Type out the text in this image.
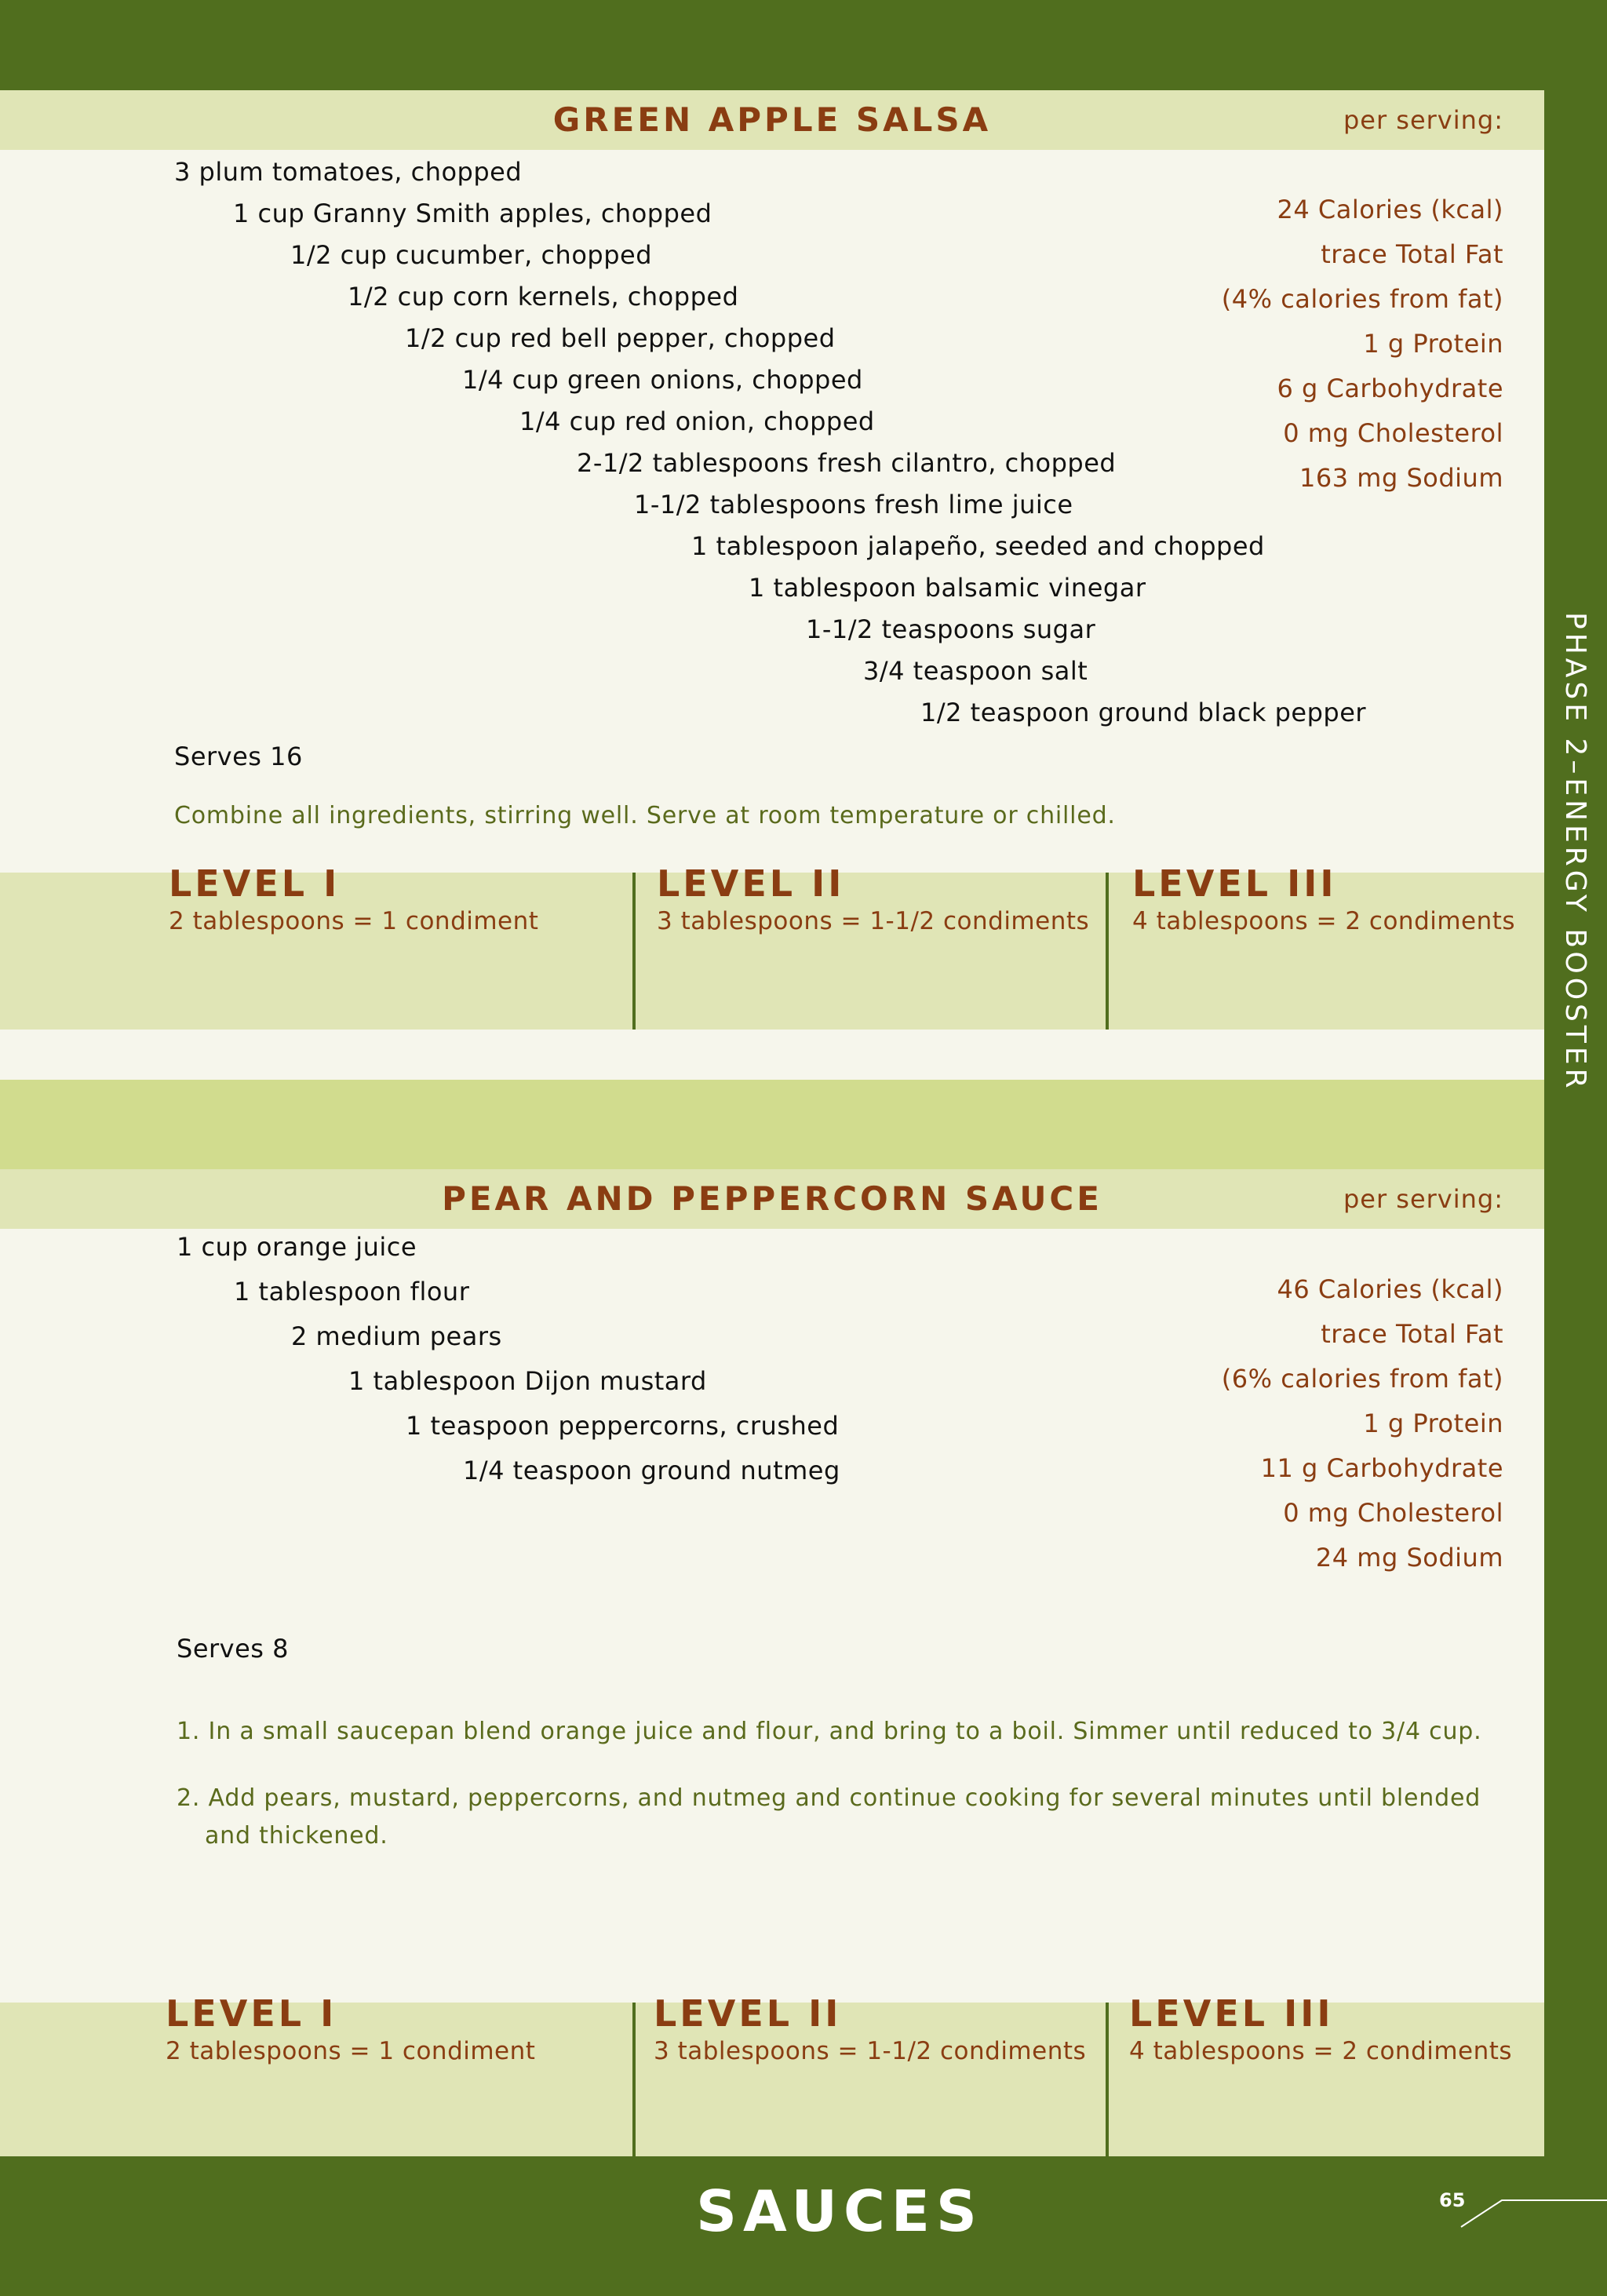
PHASE 2–ENERGY BOOSTER
GREEN APPLE SALSA	per serving:
3 plum tomatoes, chopped
1 cup Granny Smith apples, chopped
1/2 cup cucumber, chopped
1/2 cup corn kernels, chopped
1/2 cup red bell pepper, chopped
1/4 cup green onions, chopped
1/4 cup red onion, chopped
2-1/2 tablespoons fresh cilantro, chopped
1-1/2 tablespoons fresh lime juice
1 tablespoon jalapeño, seeded and chopped
1 tablespoon balsamic vinegar
1-1/2 teaspoons sugar
3/4 teaspoon salt
1/2 teaspoon ground black pepper
24 Calories (kcal)
trace Total Fat
(4% calories from fat)
1 g Protein
6 g Carbohydrate
0 mg Cholesterol
163 mg Sodium
Serves 16
Combine all ingredients, stirring well. Serve at room temperature or chilled.
LEVEL I
2 tablespoons = 1 condiment
LEVEL II
3 tablespoons = 1-1/2 condiments
LEVEL III
4 tablespoons = 2 condiments
PEAR AND PEPPERCORN SAUCE	per serving:
1 cup orange juice
1 tablespoon flour
2 medium pears
1 tablespoon Dijon mustard
1 teaspoon peppercorns, crushed
1/4 teaspoon ground nutmeg
46 Calories (kcal)
trace Total Fat
(6% calories from fat)
1 g Protein
11 g Carbohydrate
0 mg Cholesterol
24 mg Sodium
Serves 8
1. In a small saucepan blend orange juice and flour, and bring to a boil. Simmer until reduced to 3/4 cup.
2. Add pears, mustard, peppercorns, and nutmeg and continue cooking for several minutes until blended
and thickened.
LEVEL I
2 tablespoons = 1 condiment
LEVEL II
3 tablespoons = 1-1/2 condiments
LEVEL III
4 tablespoons = 2 condiments
SAUCES	65
